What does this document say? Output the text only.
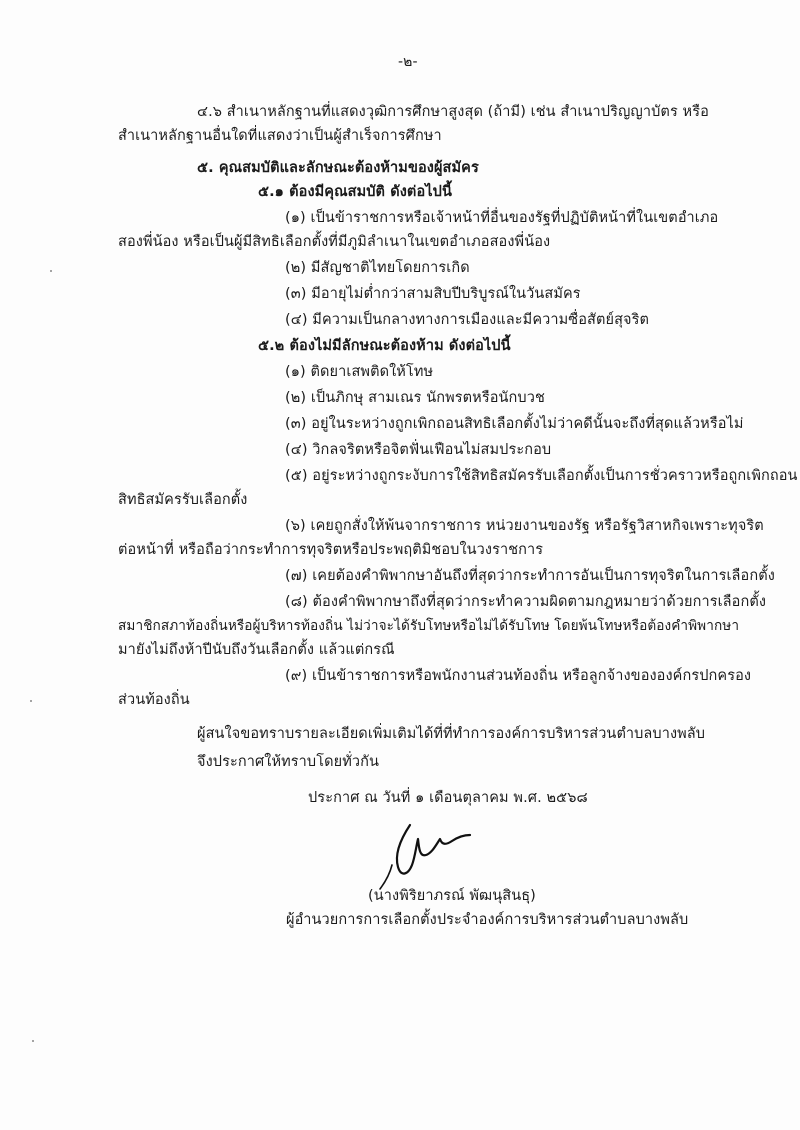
-๒-
๔.๖ สำเนาหลักฐานที่แสดงวุฒิการศึกษาสูงสุด (ถ้ามี) เช่น สำเนาปริญญาบัตร หรือ
สำเนาหลักฐานอื่นใดที่แสดงว่าเป็นผู้สำเร็จการศึกษา
๕. คุณสมบัติและลักษณะต้องห้ามของผู้สมัคร
๕.๑ ต้องมีคุณสมบัติ ดังต่อไปนี้
(๑) เป็นข้าราชการหรือเจ้าหน้าที่อื่นของรัฐที่ปฏิบัติหน้าที่ในเขตอำเภอ
สองพี่น้อง หรือเป็นผู้มีสิทธิเลือกตั้งที่มีภูมิลำเนาในเขตอำเภอสองพี่น้อง
(๒) มีสัญชาติไทยโดยการเกิด
(๓) มีอายุไม่ต่ำกว่าสามสิบปีบริบูรณ์ในวันสมัคร
(๔) มีความเป็นกลางทางการเมืองและมีความซื่อสัตย์สุจริต
๕.๒ ต้องไม่มีลักษณะต้องห้าม ดังต่อไปนี้
(๑) ติดยาเสพติดให้โทษ
(๒) เป็นภิกษุ สามเณร นักพรตหรือนักบวช
(๓) อยู่ในระหว่างถูกเพิกถอนสิทธิเลือกตั้งไม่ว่าคดีนั้นจะถึงที่สุดแล้วหรือไม่
(๔) วิกลจริตหรือจิตฟั่นเฟือนไม่สมประกอบ
(๕) อยู่ระหว่างถูกระงับการใช้สิทธิสมัครรับเลือกตั้งเป็นการชั่วคราวหรือถูกเพิกถอน
สิทธิสมัครรับเลือกตั้ง
(๖) เคยถูกสั่งให้พ้นจากราชการ หน่วยงานของรัฐ หรือรัฐวิสาหกิจเพราะทุจริต
ต่อหน้าที่ หรือถือว่ากระทำการทุจริตหรือประพฤติมิชอบในวงราชการ
(๗) เคยต้องคำพิพากษาอันถึงที่สุดว่ากระทำการอันเป็นการทุจริตในการเลือกตั้ง
(๘) ต้องคำพิพากษาถึงที่สุดว่ากระทำความผิดตามกฎหมายว่าด้วยการเลือกตั้ง
สมาชิกสภาท้องถิ่นหรือผู้บริหารท้องถิ่น ไม่ว่าจะได้รับโทษหรือไม่ได้รับโทษ โดยพ้นโทษหรือต้องคำพิพากษา
มายังไม่ถึงห้าปีนับถึงวันเลือกตั้ง แล้วแต่กรณี
(๙) เป็นข้าราชการหรือพนักงานส่วนท้องถิ่น หรือลูกจ้างขององค์กรปกครอง
ส่วนท้องถิ่น
ผู้สนใจขอทราบรายละเอียดเพิ่มเติมได้ที่ที่ทำการองค์การบริหารส่วนตำบลบางพลับ
จึงประกาศให้ทราบโดยทั่วกัน
ประกาศ ณ วันที่ ๑ เดือนตุลาคม พ.ศ. ๒๕๖๘
(นางพิริยาภรณ์ พัฒนุสินธุ)
ผู้อำนวยการการเลือกตั้งประจำองค์การบริหารส่วนตำบลบางพลับ
